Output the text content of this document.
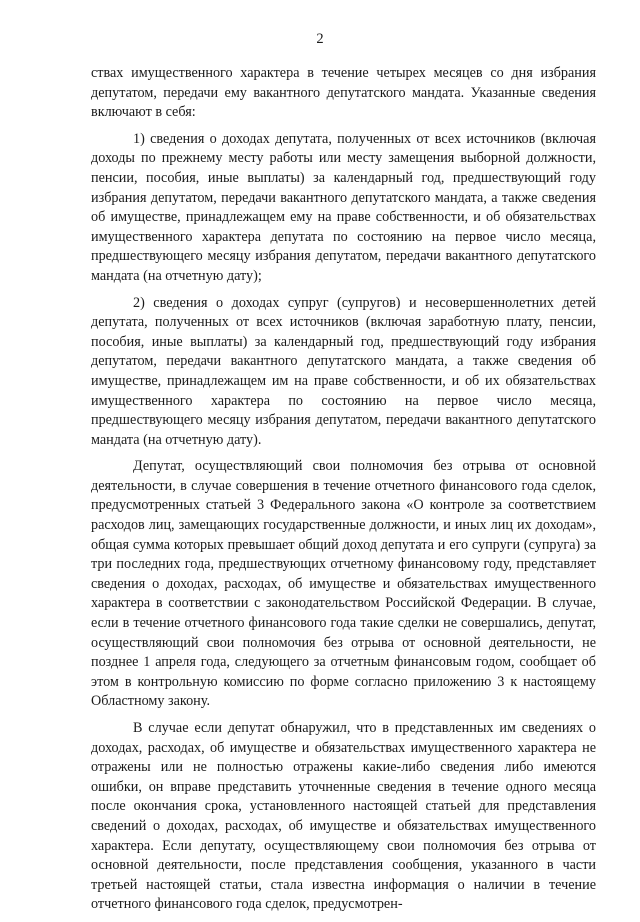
2

ствах имущественного характера в течение четырех месяцев со дня избрания депутатом, передачи ему вакантного депутатского мандата. Указанные сведения включают в себя:

1) сведения о доходах депутата, полученных от всех источников (включая доходы по прежнему месту работы или месту замещения выборной должности, пенсии, пособия, иные выплаты) за календарный год, предшествующий году избрания депутатом, передачи вакантного депутатского мандата, а также сведения об имуществе, принадлежащем ему на праве собственности, и об обязательствах имущественного характера депутата по состоянию на первое число месяца, предшествующего месяцу избрания депутатом, передачи вакантного депутатского мандата (на отчетную дату);

2) сведения о доходах супруг (супругов) и несовершеннолетних детей депутата, полученных от всех источников (включая заработную плату, пенсии, пособия, иные выплаты) за календарный год, предшествующий году избрания депутатом, передачи вакантного депутатского мандата, а также сведения об имуществе, принадлежащем им на праве собственности, и об их обязательствах имущественного характера по состоянию на первое число месяца, предшествующего месяцу избрания депутатом, передачи вакантного депутатского мандата (на отчетную дату).

Депутат, осуществляющий свои полномочия без отрыва от основной деятельности, в случае совершения в течение отчетного финансового года сделок, предусмотренных статьей 3 Федерального закона «О контроле за соответствием расходов лиц, замещающих государственные должности, и иных лиц их доходам», общая сумма которых превышает общий доход депутата и его супруги (супруга) за три последних года, предшествующих отчетному финансовому году, представляет сведения о доходах, расходах, об имуществе и обязательствах имущественного характера в соответствии с законодательством Российской Федерации. В случае, если в течение отчетного финансового года такие сделки не совершались, депутат, осуществляющий свои полномочия без отрыва от основной деятельности, не позднее 1 апреля года, следующего за отчетным финансовым годом, сообщает об этом в контрольную комиссию по форме согласно приложению 3 к настоящему Областному закону.

В случае если депутат обнаружил, что в представленных им сведениях о доходах, расходах, об имуществе и обязательствах имущественного характера не отражены или не полностью отражены какие-либо сведения либо имеются ошибки, он вправе представить уточненные сведения в течение одного месяца после окончания срока, установленного настоящей статьей для представления сведений о доходах, расходах, об имуществе и обязательствах имущественного характера. Если депутату, осуществляющему свои полномочия без отрыва от основной деятельности, после представления сообщения, указанного в части третьей настоящей статьи, стала известна информация о наличии в течение отчетного финансового года сделок, предусмотрен-
